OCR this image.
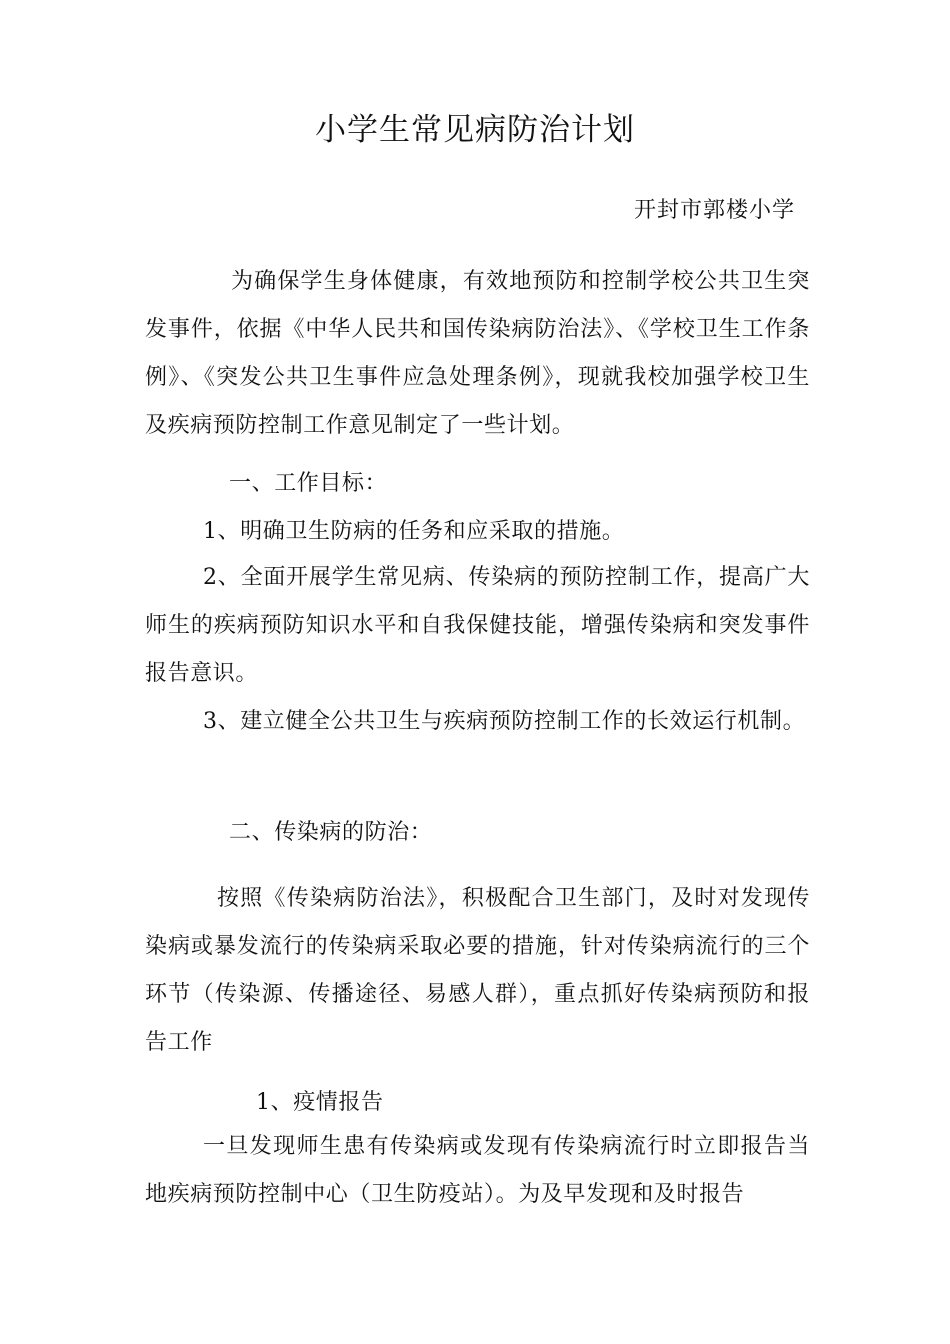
小学生常见病防治计划
开封市郭楼小学
为确保学生身体健康，有效地预防和控制学校公共卫生突发事件，依据《中华人民共和国传染病防治法》、《学校卫生工作条例》、《突发公共卫生事件应急处理条例》，现就我校加强学校卫生及疾病预防控制工作意见制定了一些计划。
一、工作目标：
1、明确卫生防病的任务和应采取的措施。
2、全面开展学生常见病、传染病的预防控制工作，提高广大师生的疾病预防知识水平和自我保健技能，增强传染病和突发事件报告意识。
3、建立健全公共卫生与疾病预防控制工作的长效运行机制。
二、传染病的防治：
按照《传染病防治法》，积极配合卫生部门，及时对发现传染病或暴发流行的传染病采取必要的措施，针对传染病流行的三个环节（传染源、传播途径、易感人群），重点抓好传染病预防和报告工作
1、疫情报告
一旦发现师生患有传染病或发现有传染病流行时立即报告当地疾病预防控制中心（卫生防疫站）。为及早发现和及时报告
